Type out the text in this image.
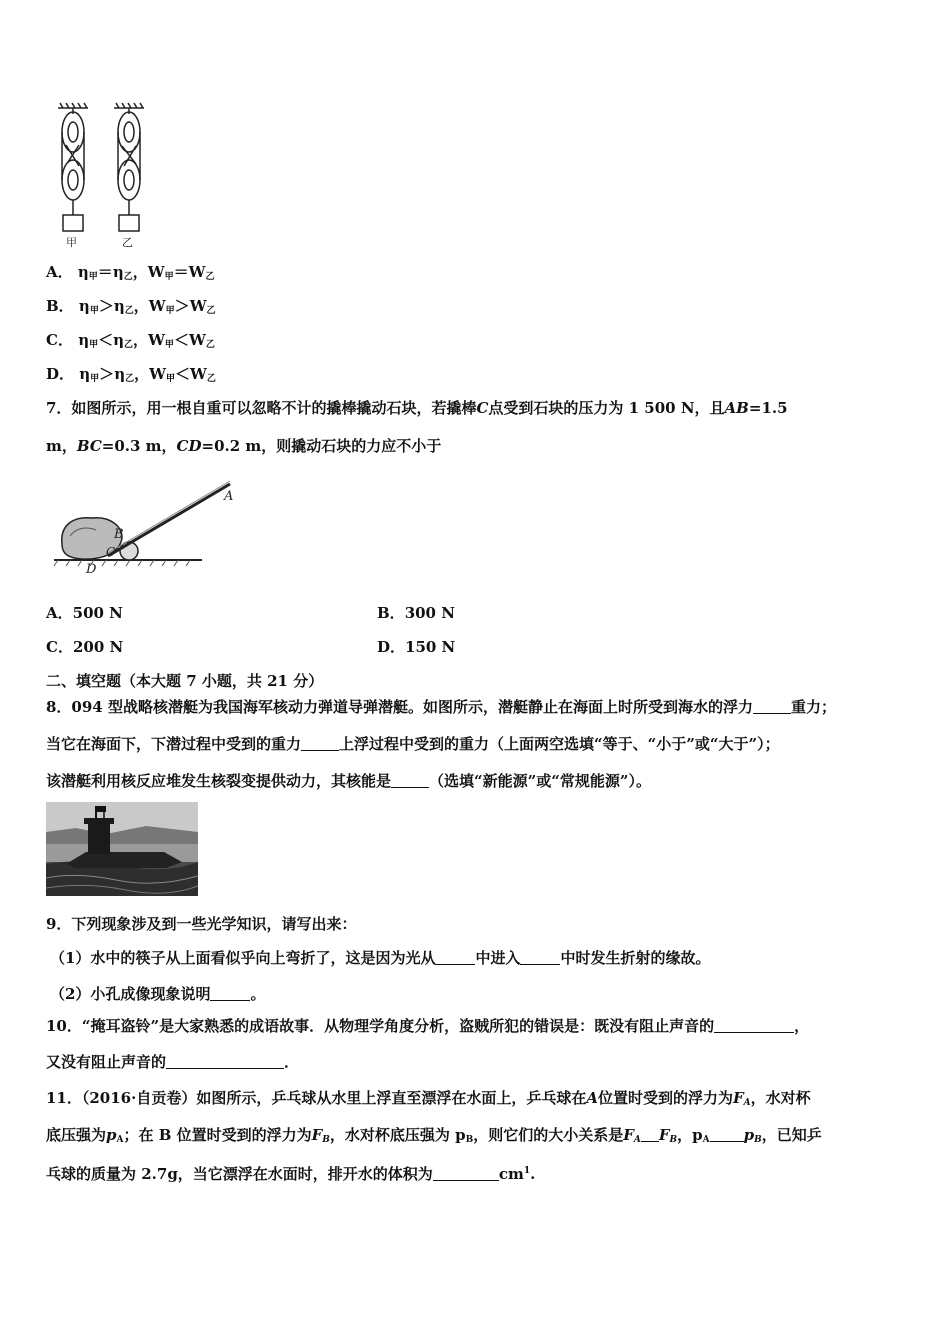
甲	乙
A． $\eta_甲=\eta_乙$，$W_甲=W_乙$
B． $\eta_甲>\eta_乙$，$W_甲>W_乙$
C． $\eta_甲<\eta_乙$，$W_甲<W_乙$
D． $\eta_甲>\eta_乙$，$W_甲<W_乙$
7．如图所示，用一根自重可以忽略不计的撬棒撬动石块，若撬棒C点受到石块的压力为 1 500 N，且AB=1.5
m，BC=0.3 m，CD=0.2 m，则撬动石块的力应不小于
A
B
C
D
A．500 N	B．300 N
C．200 N	D．150 N
二、填空题（本大题 7 小题，共 21 分）
8．094 型战略核潜艇为我国海军核动力弹道导弹潜艇。如图所示，潜艇静止在海面上时所受到海水的浮力	重力；
当它在海面下，下潜过程中受到的重力	上浮过程中受到的重力（上面两空选填“等于、“小于”或“大于”）；
该潜艇利用核反应堆发生核裂变提供动力，其核能是	（选填“新能源”或“常规能源”）。
9．下列现象涉及到一些光学知识，请写出来：
（1）水中的筷子从上面看似乎向上弯折了，这是因为光从	中进入	中时发生折射的缘故。
（2）小孔成像现象说明	。
10．“掩耳盗铃”是大家熟悉的成语故事．从物理学角度分析，盗贼所犯的错误是：既没有阻止声音的	，
又没有阻止声音的	．
11．（2016·自贡卷）如图所示，乒乓球从水里上浮直至漂浮在水面上，乒乓球在A位置时受到的浮力为$F_A$，水对杯
底压强为$p_A$；在 B 位置时受到的浮力为$F_B$，水对杯底压强为 $p_B$，则它们的大小关系是$F_A$ $F_B$，$p_A$ $p_B$，已知乒
乓球的质量为 2.7g，当它漂浮在水面时，排开水的体积为	$cm^1$.
